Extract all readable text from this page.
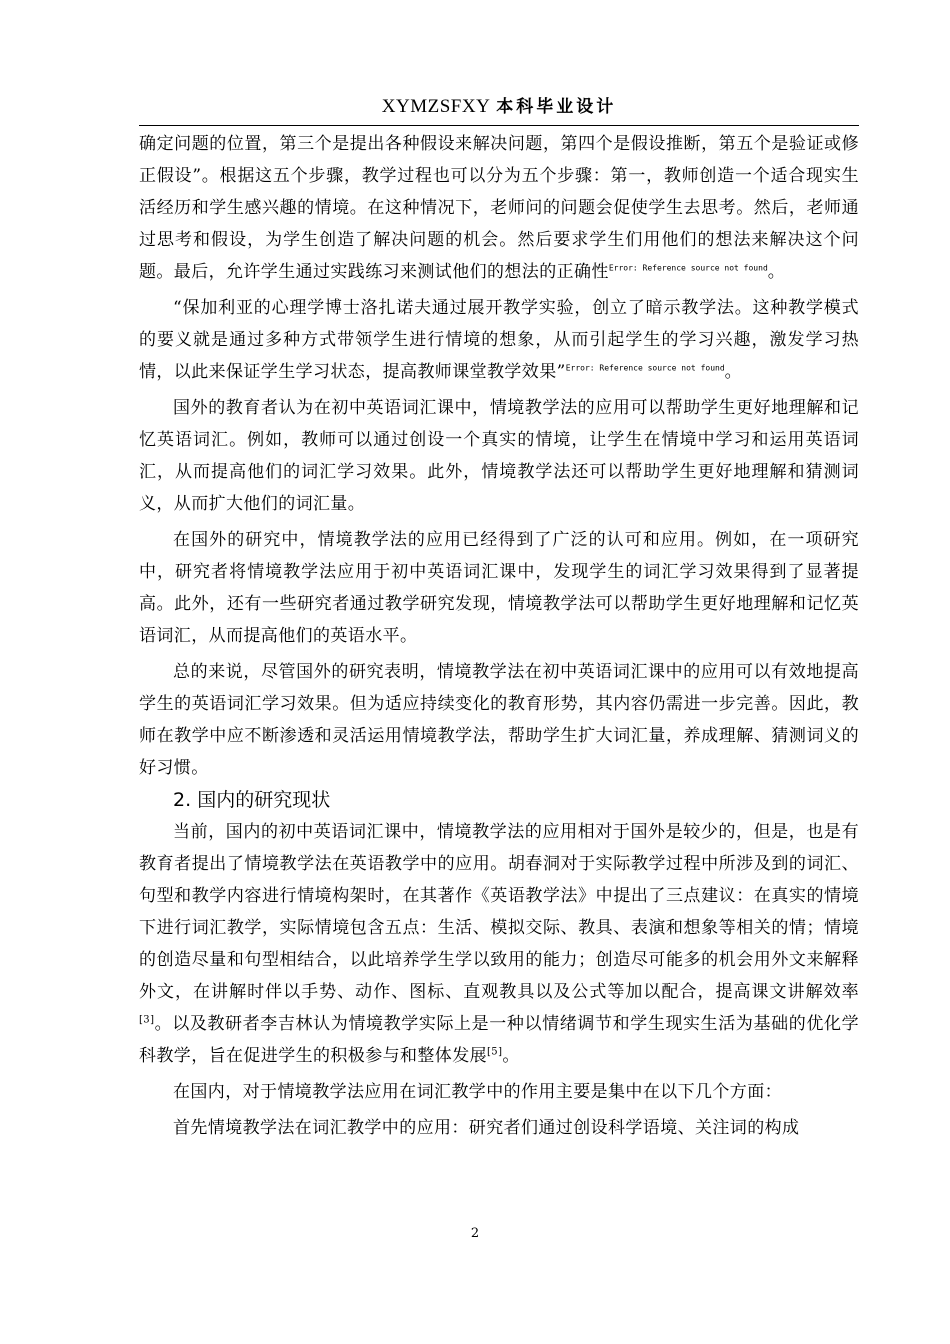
XYMZSFXY 本科毕业设计

确定问题的位置，第三个是提出各种假设来解决问题，第四个是假设推断，第五个是验证或修正假设”。根据这五个步骤，教学过程也可以分为五个步骤：第一，教师创造一个适合现实生活经历和学生感兴趣的情境。在这种情况下，老师问的问题会促使学生去思考。然后，老师通过思考和假设，为学生创造了解决问题的机会。然后要求学生们用他们的想法来解决这个问题。最后，允许学生通过实践练习来测试他们的想法的正确性$^{Error: Reference source not found}$。

“保加利亚的心理学博士洛扎诺夫通过展开教学实验，创立了暗示教学法。这种教学模式的要义就是通过多种方式带领学生进行情境的想象，从而引起学生的学习兴趣，激发学习热情，以此来保证学生学习状态，提高教师课堂教学效果”$^{Error: Reference source not found}$。

国外的教育者认为在初中英语词汇课中，情境教学法的应用可以帮助学生更好地理解和记忆英语词汇。例如，教师可以通过创设一个真实的情境，让学生在情境中学习和运用英语词汇，从而提高他们的词汇学习效果。此外，情境教学法还可以帮助学生更好地理解和猜测词义，从而扩大他们的词汇量。

在国外的研究中，情境教学法的应用已经得到了广泛的认可和应用。例如，在一项研究中，研究者将情境教学法应用于初中英语词汇课中，发现学生的词汇学习效果得到了显著提高。此外，还有一些研究者通过教学研究发现，情境教学法可以帮助学生更好地理解和记忆英语词汇，从而提高他们的英语水平。

总的来说，尽管国外的研究表明，情境教学法在初中英语词汇课中的应用可以有效地提高学生的英语词汇学习效果。但为适应持续变化的教育形势，其内容仍需进一步完善。因此，教师在教学中应不断渗透和灵活运用情境教学法，帮助学生扩大词汇量，养成理解、猜测词义的好习惯。

2. 国内的研究现状

当前，国内的初中英语词汇课中，情境教学法的应用相对于国外是较少的，但是，也是有教育者提出了情境教学法在英语教学中的应用。胡春洞对于实际教学过程中所涉及到的词汇、句型和教学内容进行情境构架时，在其著作《英语教学法》中提出了三点建议：在真实的情境下进行词汇教学，实际情境包含五点：生活、模拟交际、教具、表演和想象等相关的情；情境的创造尽量和句型相结合，以此培养学生学以致用的能力；创造尽可能多的机会用外文来解释外文，在讲解时伴以手势、动作、图标、直观教具以及公式等加以配合，提高课文讲解效率[3]。以及教研者李吉林认为情境教学实际上是一种以情绪调节和学生现实生活为基础的优化学科教学，旨在促进学生的积极参与和整体发展[5]。

在国内，对于情境教学法应用在词汇教学中的作用主要是集中在以下几个方面：

首先情境教学法在词汇教学中的应用：研究者们通过创设科学语境、关注词的构成

2
